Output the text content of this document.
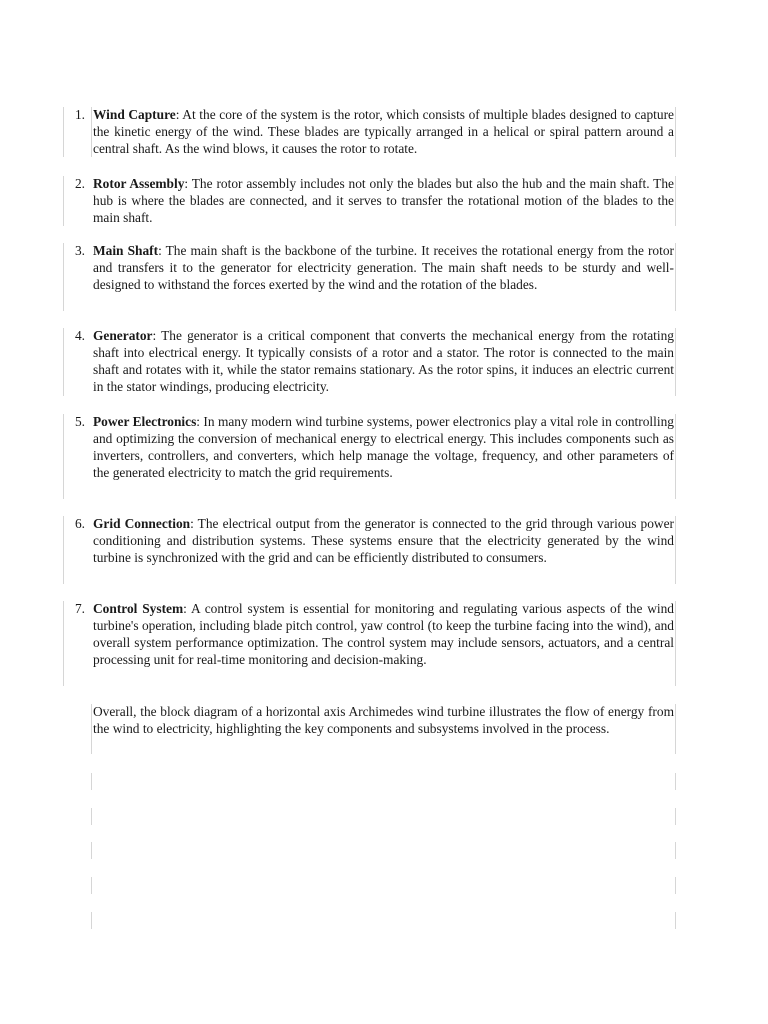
1. Wind Capture: At the core of the system is the rotor, which consists of multiple blades designed to capture the kinetic energy of the wind. These blades are typically arranged in a helical or spiral pattern around a central shaft. As the wind blows, it causes the rotor to rotate.
2. Rotor Assembly: The rotor assembly includes not only the blades but also the hub and the main shaft. The hub is where the blades are connected, and it serves to transfer the rotational motion of the blades to the main shaft.
3. Main Shaft: The main shaft is the backbone of the turbine. It receives the rotational energy from the rotor and transfers it to the generator for electricity generation. The main shaft needs to be sturdy and well-designed to withstand the forces exerted by the wind and the rotation of the blades.
4. Generator: The generator is a critical component that converts the mechanical energy from the rotating shaft into electrical energy. It typically consists of a rotor and a stator. The rotor is connected to the main shaft and rotates with it, while the stator remains stationary. As the rotor spins, it induces an electric current in the stator windings, producing electricity.
5. Power Electronics: In many modern wind turbine systems, power electronics play a vital role in controlling and optimizing the conversion of mechanical energy to electrical energy. This includes components such as inverters, controllers, and converters, which help manage the voltage, frequency, and other parameters of the generated electricity to match the grid requirements.
6. Grid Connection: The electrical output from the generator is connected to the grid through various power conditioning and distribution systems. These systems ensure that the electricity generated by the wind turbine is synchronized with the grid and can be efficiently distributed to consumers.
7. Control System: A control system is essential for monitoring and regulating various aspects of the wind turbine's operation, including blade pitch control, yaw control (to keep the turbine facing into the wind), and overall system performance optimization. The control system may include sensors, actuators, and a central processing unit for real-time monitoring and decision-making.
Overall, the block diagram of a horizontal axis Archimedes wind turbine illustrates the flow of energy from the wind to electricity, highlighting the key components and subsystems involved in the process.
